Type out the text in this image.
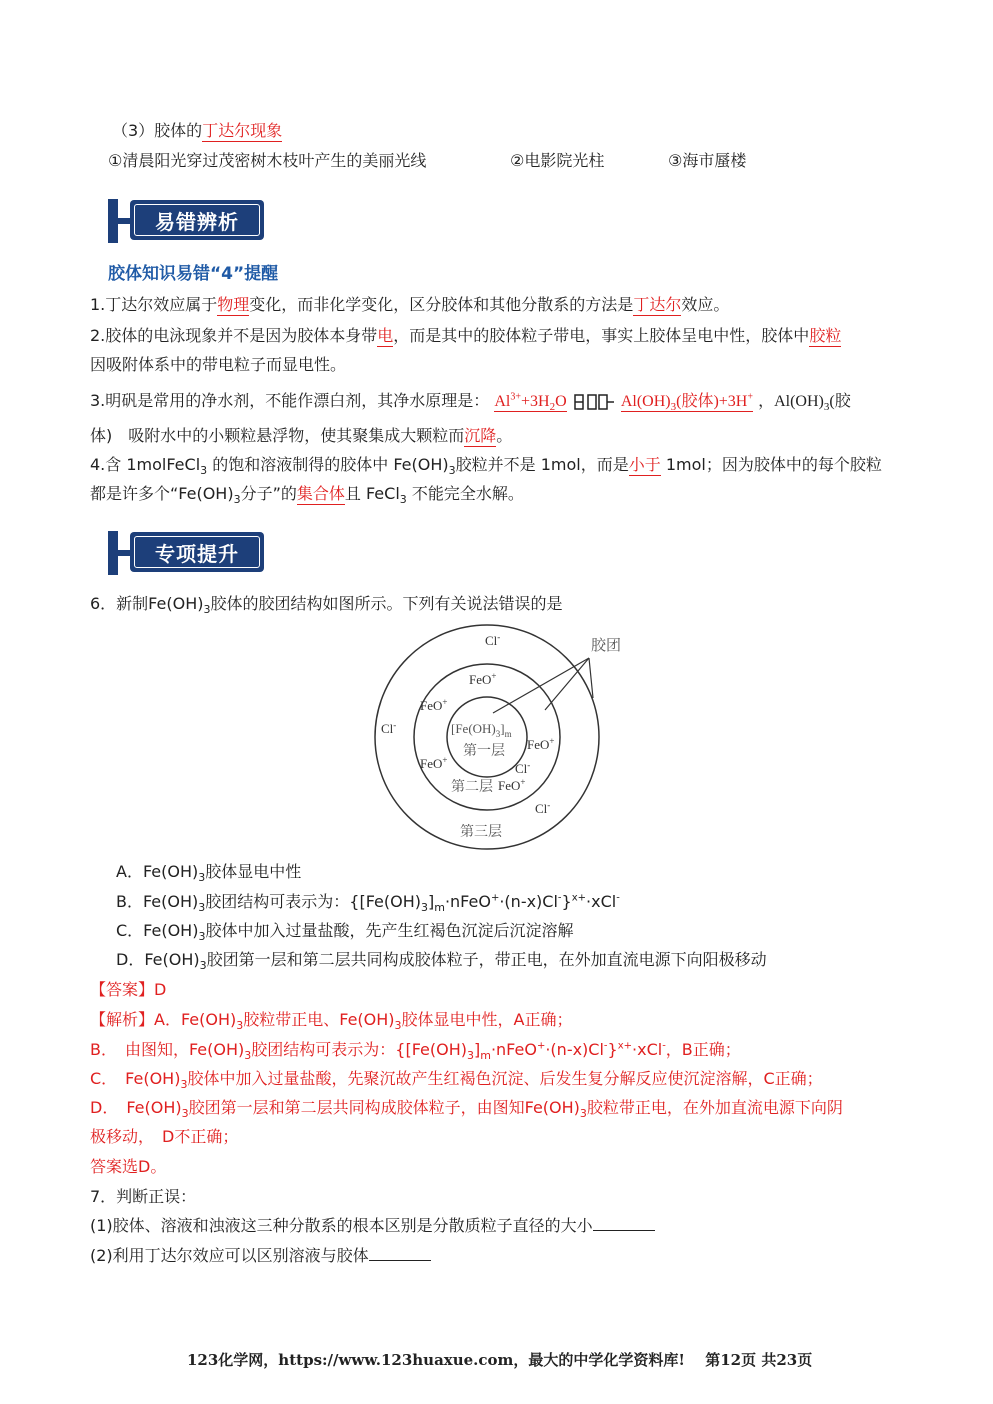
（3）胶体的丁达尔现象
①清晨阳光穿过茂密树木枝叶产生的美丽光线	②电影院光柱	③海市蜃楼
易错辨析
胶体知识易错“4”提醒
1.丁达尔效应属于物理变化，而非化学变化，区分胶体和其他分散系的方法是丁达尔效应。
2.胶体的电泳现象并不是因为胶体本身带电，而是其中的胶体粒子带电，事实上胶体呈电中性，胶体中胶粒
因吸附体系中的带电粒子而显电性。
3.明矾是常用的净水剂，不能作漂白剂，其净水原理是： $Al^{3+}+3H_2O$	$Al(OH)_3$(胶体)+3H+ ，$Al(OH)_3$(胶
体)　吸附水中的小颗粒悬浮物，使其聚集成大颗粒而沉降。
4.含 1molFeCl$_3$ 的饱和溶液制得的胶体中 $Fe(OH)_3$胶粒并不是 1mol，而是小于 1mol；因为胶体中的每个胶粒
都是许多个“$Fe(OH)_3$分子”的集合体且 FeCl$_3$ 不能完全水解。
专项提升
6．新制$Fe(OH)_3$胶体的胶团结构如图所示。下列有关说法错误的是
胶团
Cl-
Cl-
FeO+
FeO+
FeO+
FeO+
Cl-
FeO+
Cl-
$[Fe(OH)_3]_m$
第一层
第二层
第三层
A．$Fe(OH)_3$胶体显电中性
B．$Fe(OH)_3$胶团结构可表示为：$\{[Fe(OH)_3]_m\cdot nFeO^+\cdot(n-x)Cl^-\}^{x+}\cdot xCl^-$
C．$Fe(OH)_3$胶体中加入过量盐酸，先产生红褐色沉淀后沉淀溶解
D．$Fe(OH)_3$胶团第一层和第二层共同构成胶体粒子，带正电，在外加直流电源下向阳极移动
【答案】D
【解析】A．$Fe(OH)_3$胶粒带正电、$Fe(OH)_3$胶体显电中性，A正确；
B．　由图知，$Fe(OH)_3$胶团结构可表示为：$\{[Fe(OH)_3]_m\cdot nFeO^+\cdot(n-x)Cl^-\}^{x+}\cdot xCl^-$，B正确；
C．　$Fe(OH)_3$胶体中加入过量盐酸，先聚沉故产生红褐色沉淀、后发生复分解反应使沉淀溶解，C正确；
D．　$Fe(OH)_3$胶团第一层和第二层共同构成胶体粒子，由图知$Fe(OH)_3$胶粒带正电，在外加直流电源下向阴
极移动，　D不正确；
答案选D。
7．判断正误：
(1)胶体、溶液和浊液这三种分散系的根本区别是分散质粒子直径的大小
(2)利用丁达尔效应可以区别溶液与胶体
123化学网，https://www.123huaxue.com，最大的中学化学资料库!　 第12页 共23页
